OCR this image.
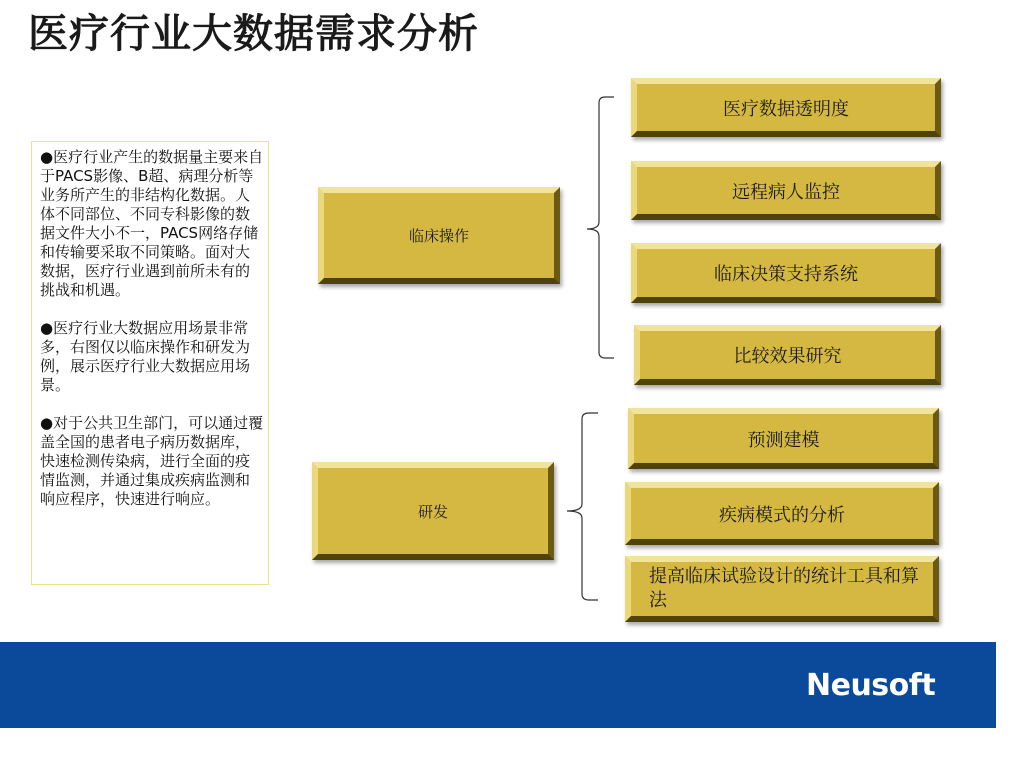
医疗行业大数据需求分析

●医疗行业产生的数据量主要来自于PACS影像、B超、病理分析等业务所产生的非结构化数据。人体不同部位、不同专科影像的数据文件大小不一，PACS网络存储和传输要采取不同策略。面对大数据，医疗行业遇到前所未有的挑战和机遇。

●医疗行业大数据应用场景非常多，右图仅以临床操作和研发为例，展示医疗行业大数据应用场景。

●对于公共卫生部门，可以通过覆盖全国的患者电子病历数据库，快速检测传染病，进行全面的疫情监测，并通过集成疾病监测和响应程序，快速进行响应。

临床操作
研发
医疗数据透明度
远程病人监控
临床决策支持系统
比较效果研究
预测建模
疾病模式的分析
提高临床试验设计的统计工具和算法
Neusoft
